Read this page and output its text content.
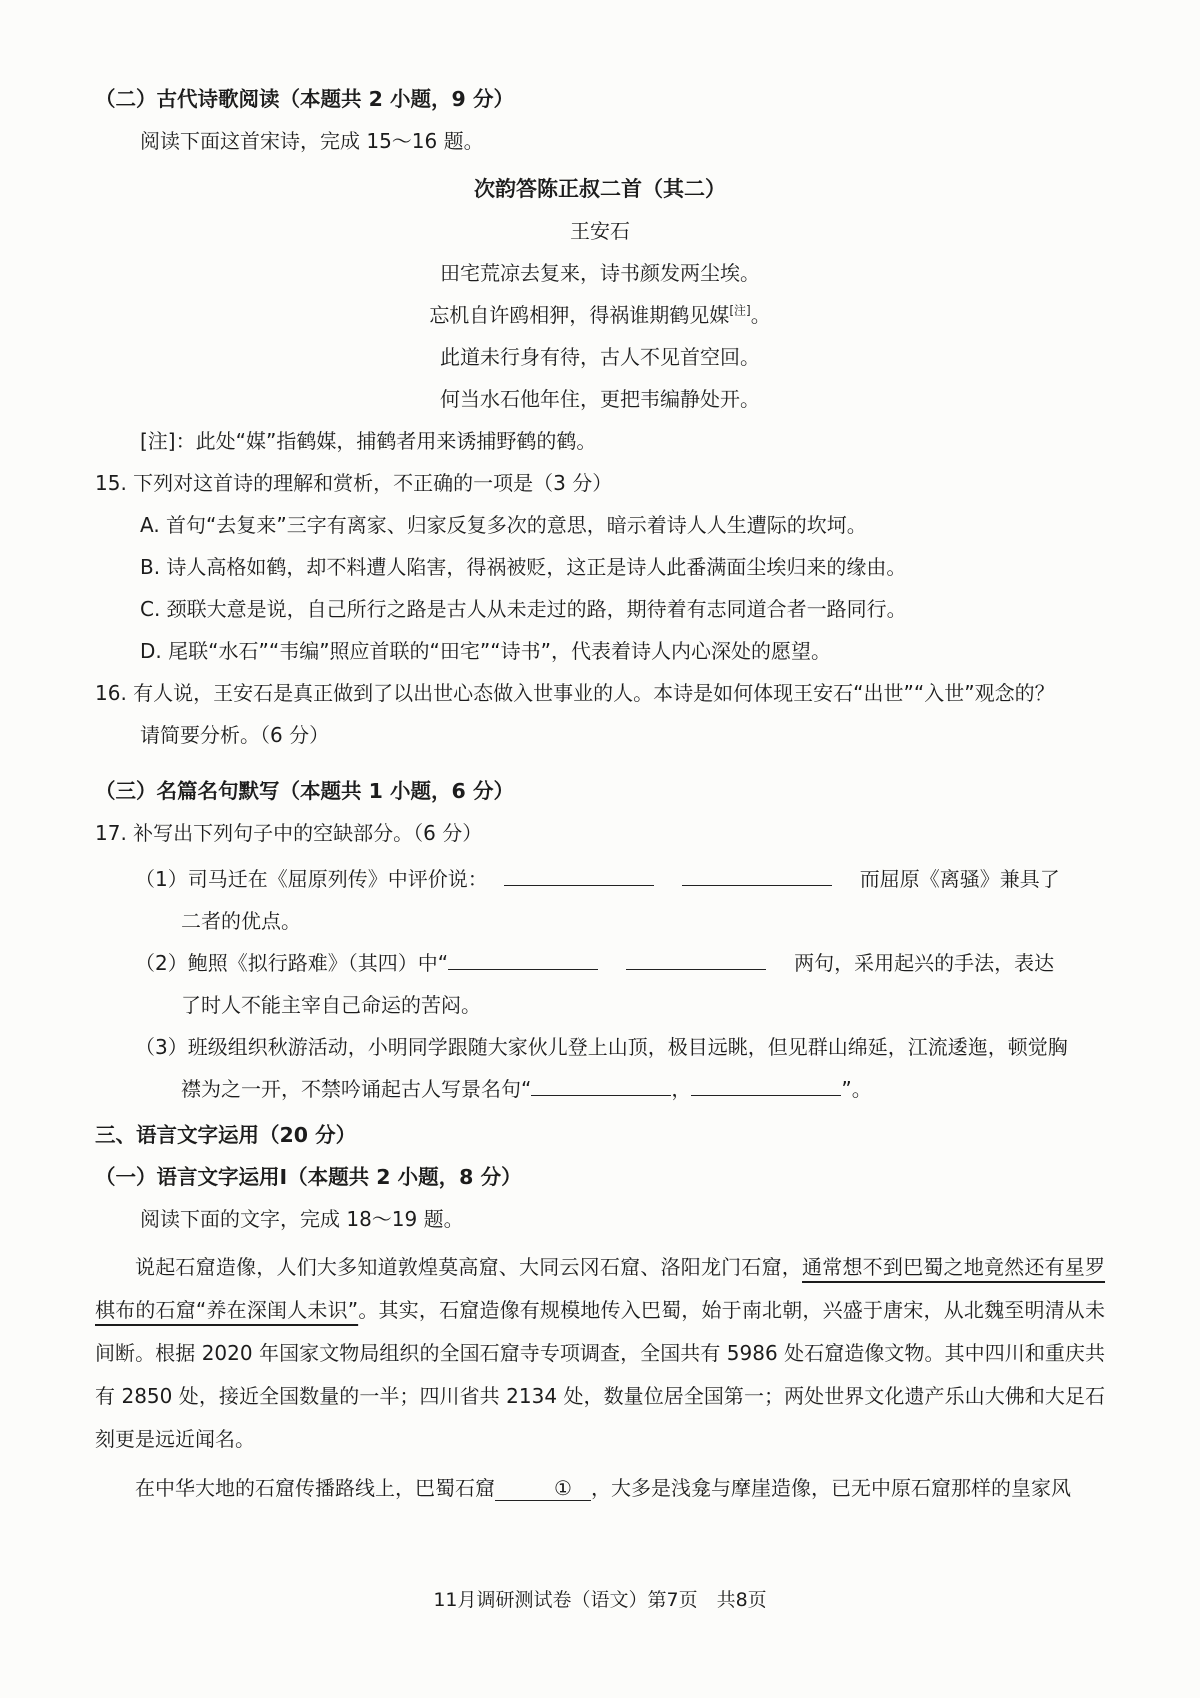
（二）古代诗歌阅读（本题共 2 小题，9 分）
阅读下面这首宋诗，完成 15～16 题。
次韵答陈正叔二首（其二）
王安石
田宅荒凉去复来，诗书颜发两尘埃。
忘机自许鸥相狎，得祸谁期鹤见媒[注]。
此道未行身有待，古人不见首空回。
何当水石他年住，更把韦编静处开。
[注]：此处“媒”指鹤媒，捕鹤者用来诱捕野鹤的鹤。
15. 下列对这首诗的理解和赏析，不正确的一项是（3 分）
A. 首句“去复来”三字有离家、归家反复多次的意思，暗示着诗人人生遭际的坎坷。
B. 诗人高格如鹤，却不料遭人陷害，得祸被贬，这正是诗人此番满面尘埃归来的缘由。
C. 颈联大意是说，自己所行之路是古人从未走过的路，期待着有志同道合者一路同行。
D. 尾联“水石”“韦编”照应首联的“田宅”“诗书”，代表着诗人内心深处的愿望。
16. 有人说，王安石是真正做到了以出世心态做入世事业的人。本诗是如何体现王安石“出世”“入世”观念的？
请简要分析。（6 分）
（三）名篇名句默写（本题共 1 小题，6 分）
17. 补写出下列句子中的空缺部分。（6 分）
（1）司马迁在《屈原列传》中评价说：	而屈原《离骚》兼具了
二者的优点。
（2）鲍照《拟行路难》（其四）中“	两句，采用起兴的手法，表达
了时人不能主宰自己命运的苦闷。
（3）班级组织秋游活动，小明同学跟随大家伙儿登上山顶，极目远眺，但见群山绵延，江流逶迤，顿觉胸
襟为之一开，不禁吟诵起古人写景名句“	，	”。
三、语言文字运用（20 分）
（一）语言文字运用Ⅰ（本题共 2 小题，8 分）
阅读下面的文字，完成 18～19 题。

说起石窟造像，人们大多知道敦煌莫高窟、大同云冈石窟、洛阳龙门石窟，通常想不到巴蜀之地竟然还有星罗棋布的石窟“养在深闺人未识”。其实，石窟造像有规模地传入巴蜀，始于南北朝，兴盛于唐宋，从北魏至明清从未间断。根据 2020 年国家文物局组织的全国石窟寺专项调查，全国共有 5986 处石窟造像文物。其中四川和重庆共有 2850 处，接近全国数量的一半；四川省共 2134 处，数量位居全国第一；两处世界文化遗产乐山大佛和大足石刻更是远近闻名。

在中华大地的石窟传播路线上，巴蜀石窟	① ，大多是浅龛与摩崖造像，已无中原石窟那样的皇家风

11月调研测试卷（语文）第7页　共8页
